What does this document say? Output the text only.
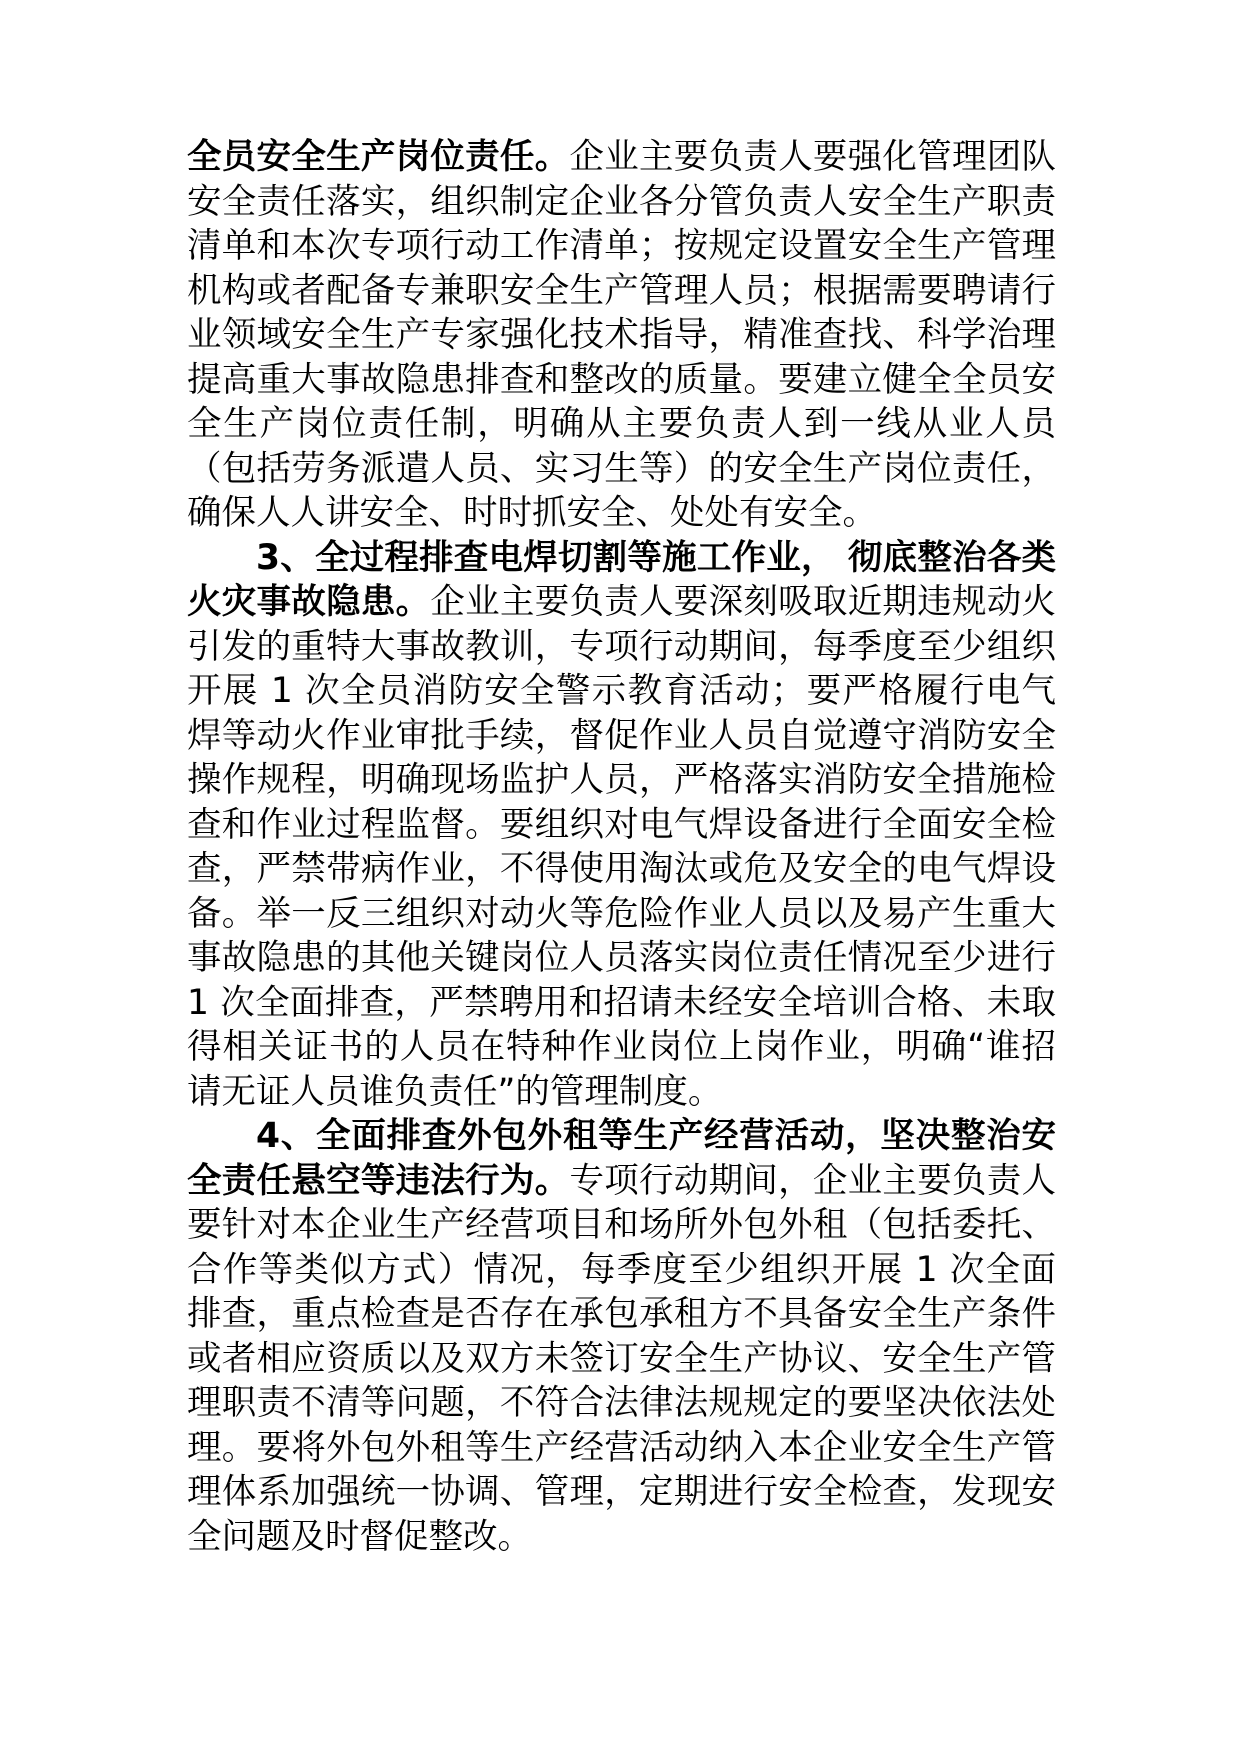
全员安全生产岗位责任。企业主要负责人要强化管理团队安全责任落实，组织制定企业各分管负责人安全生产职责清单和本次专项行动工作清单；按规定设置安全生产管理机构或者配备专兼职安全生产管理人员；根据需要聘请行业领域安全生产专家强化技术指导，精准查找、科学治理提高重大事故隐患排查和整改的质量。要建立健全全员安全生产岗位责任制，明确从主要负责人到一线从业人员（包括劳务派遣人员、实习生等）的安全生产岗位责任，确保人人讲安全、时时抓安全、处处有安全。

3、全过程排查电焊切割等施工作业， 彻底整治各类火灾事故隐患。企业主要负责人要深刻吸取近期违规动火引发的重特大事故教训，专项行动期间，每季度至少组织开展 1 次全员消防安全警示教育活动；要严格履行电气焊等动火作业审批手续，督促作业人员自觉遵守消防安全操作规程，明确现场监护人员，严格落实消防安全措施检查和作业过程监督。要组织对电气焊设备进行全面安全检查，严禁带病作业，不得使用淘汰或危及安全的电气焊设备。举一反三组织对动火等危险作业人员以及易产生重大事故隐患的其他关键岗位人员落实岗位责任情况至少进行 1 次全面排查，严禁聘用和招请未经安全培训合格、未取得相关证书的人员在特种作业岗位上岗作业，明确“谁招请无证人员谁负责任”的管理制度。

4、全面排查外包外租等生产经营活动，坚决整治安全责任悬空等违法行为。专项行动期间，企业主要负责人要针对本企业生产经营项目和场所外包外租（包括委托、合作等类似方式）情况，每季度至少组织开展 1 次全面排查，重点检查是否存在承包承租方不具备安全生产条件或者相应资质以及双方未签订安全生产协议、安全生产管理职责不清等问题，不符合法律法规规定的要坚决依法处理。要将外包外租等生产经营活动纳入本企业安全生产管理体系加强统一协调、管理，定期进行安全检查，发现安全问题及时督促整改。
